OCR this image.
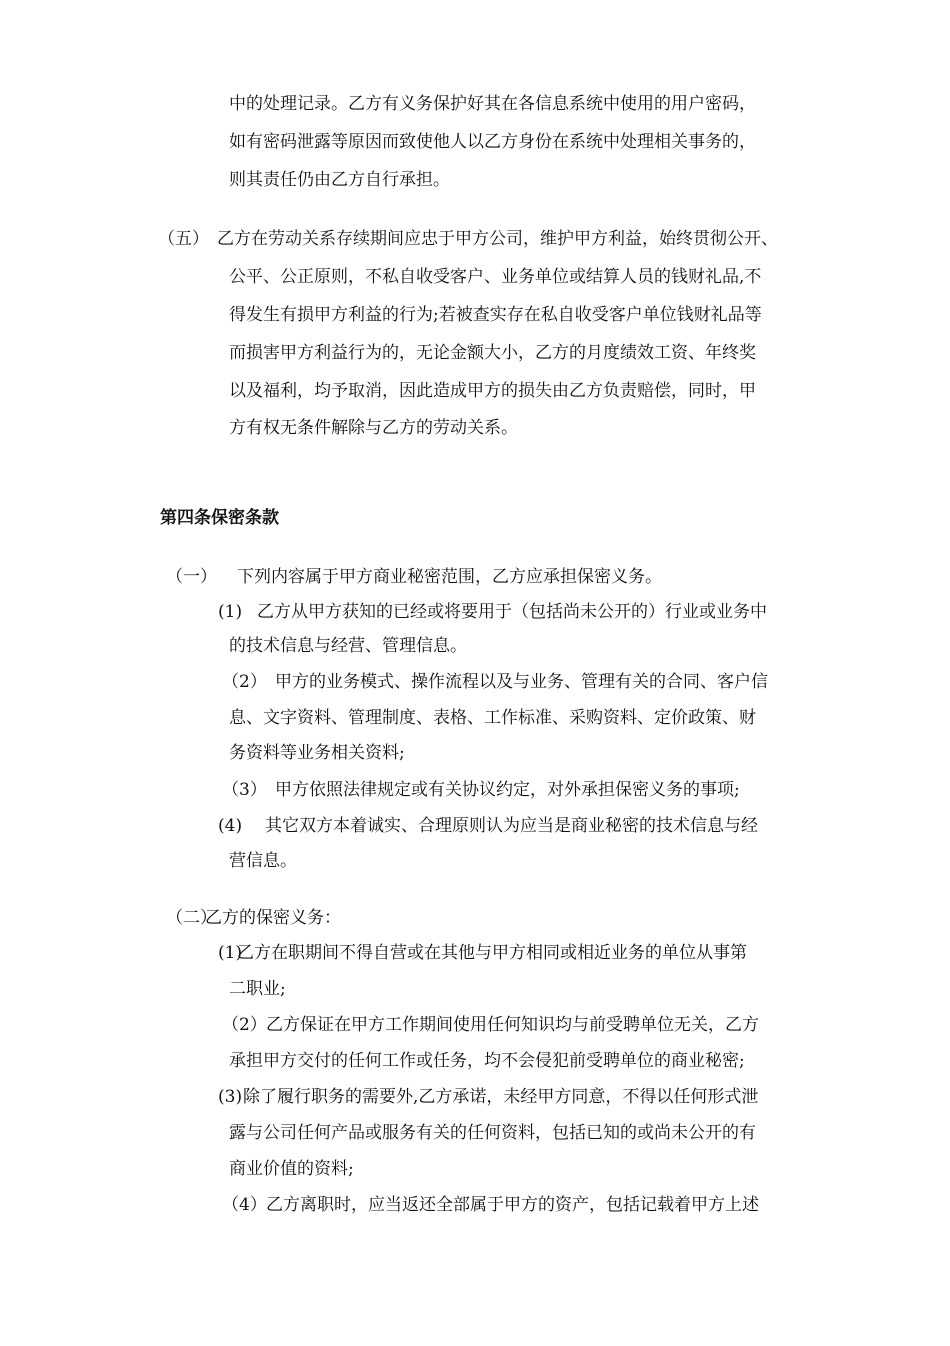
中的处理记录。乙方有义务保护好其在各信息系统中使用的用户密码，
如有密码泄露等原因而致使他人以乙方身份在系统中处理相关事务的，
则其责任仍由乙方自行承担。
（五） 乙方在劳动关系存续期间应忠于甲方公司，维护甲方利益，始终贯彻公开、
公平、公正原则，不私自收受客户、业务单位或结算人员的钱财礼品,不
得发生有损甲方利益的行为;若被查实存在私自收受客户单位钱财礼品等
而损害甲方利益行为的，无论金额大小，乙方的月度绩效工资、年终奖
以及福利，均予取消，因此造成甲方的损失由乙方负责赔偿，同时，甲
方有权无条件解除与乙方的劳动关系。
第四条保密条款
（一） 下列内容属于甲方商业秘密范围，乙方应承担保密义务。
(1) 乙方从甲方获知的已经或将要用于（包括尚未公开的）行业或业务中
的技术信息与经营、管理信息。
（2） 甲方的业务模式、操作流程以及与业务、管理有关的合同、客户信
息、文字资料、管理制度、表格、工作标准、采购资料、定价政策、财
务资料等业务相关资料;
（3） 甲方依照法律规定或有关协议约定，对外承担保密义务的事项;
(4) 其它双方本着诚实、合理原则认为应当是商业秘密的技术信息与经
营信息。
（二）
乙方的保密义务：
(1)
乙方在职期间不得自营或在其他与甲方相同或相近业务的单位从事第
二职业;
（2） 乙方保证在甲方工作期间使用任何知识均与前受聘单位无关，乙方
承担甲方交付的任何工作或任务，均不会侵犯前受聘单位的商业秘密;
(3) 除了履行职务的需要外,乙方承诺，未经甲方同意，不得以任何形式泄
露与公司任何产品或服务有关的任何资料，包括已知的或尚未公开的有
商业价值的资料;
（4） 乙方离职时，应当返还全部属于甲方的资产，包括记载着甲方上述
